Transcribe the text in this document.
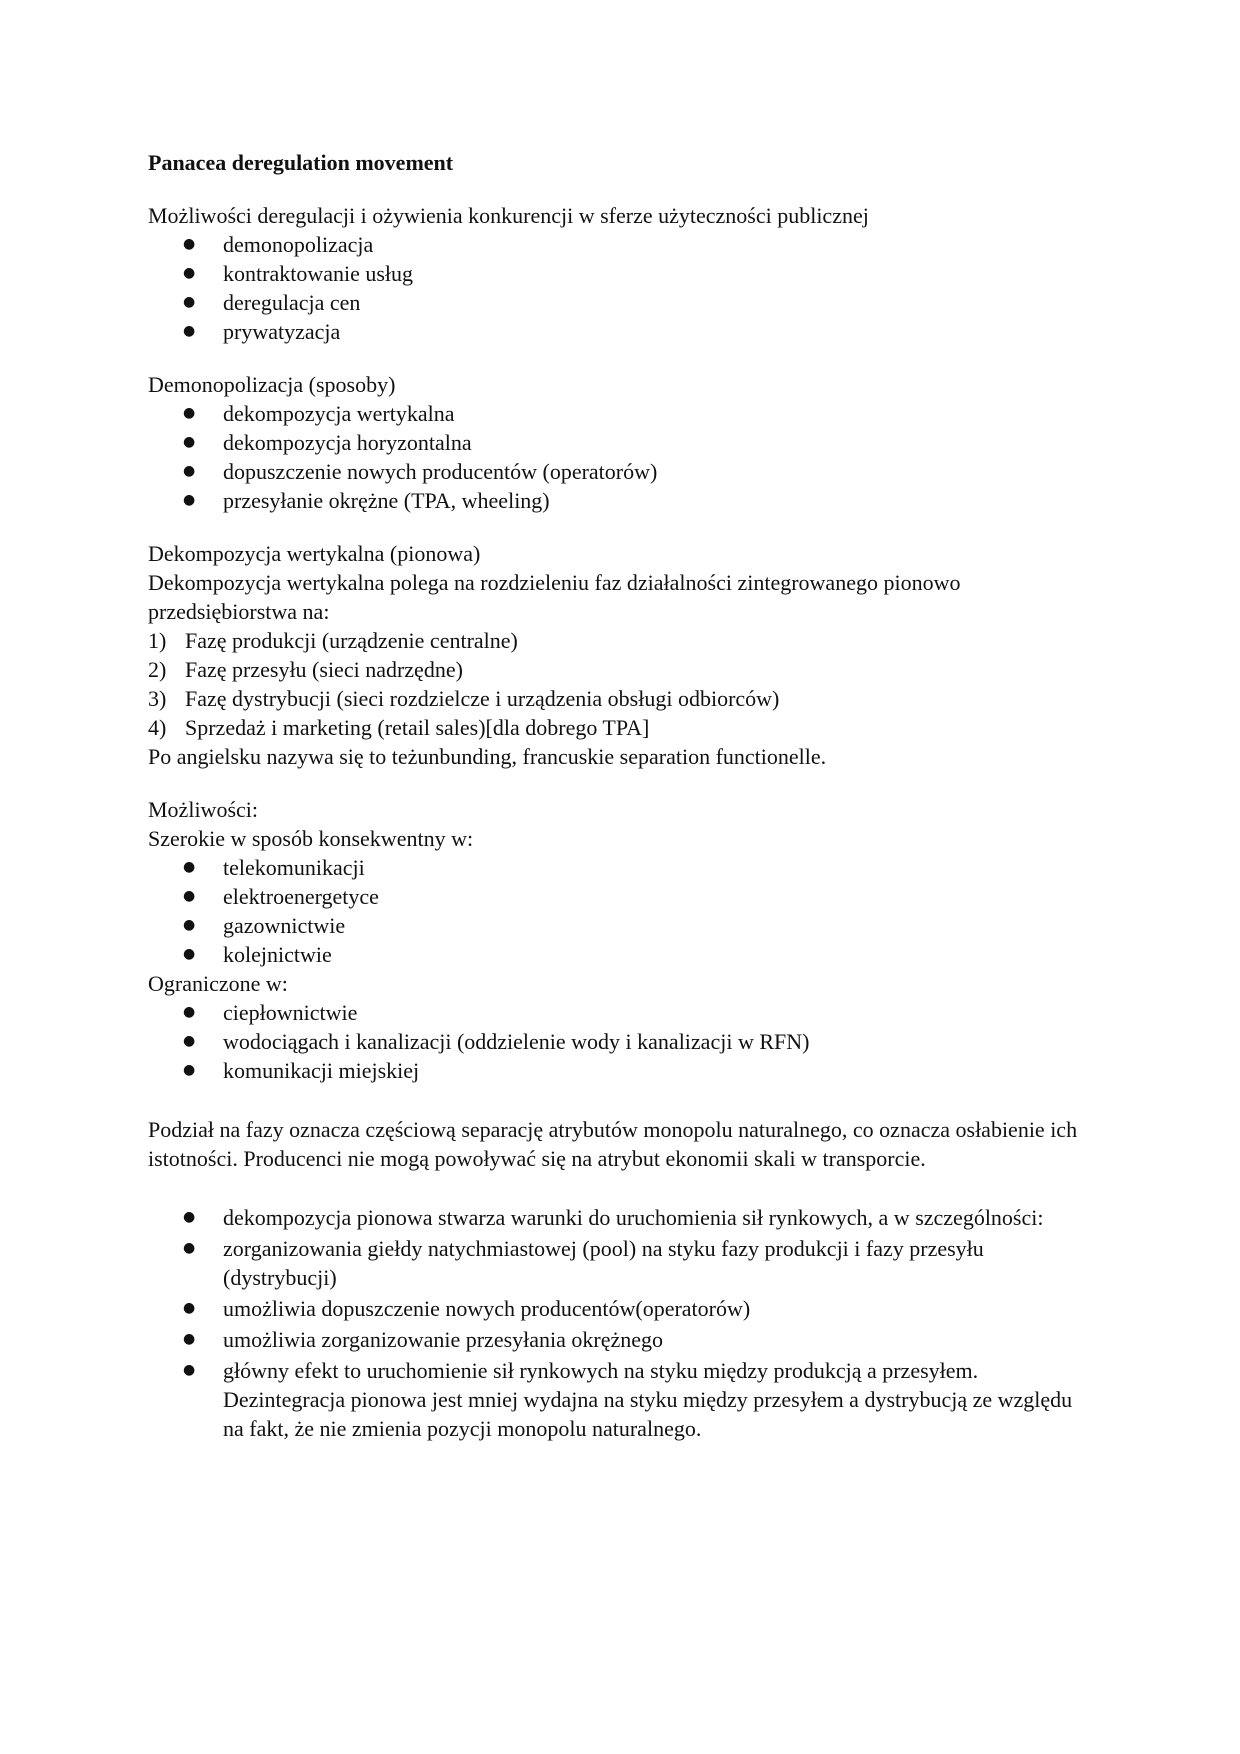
Panacea deregulation movement

Możliwości deregulacji i ożywienia konkurencji w sferze użyteczności publicznej

● demonopolizacja
● kontraktowanie usług
● deregulacja cen
● prywatyzacja

Demonopolizacja (sposoby)

● dekompozycja wertykalna
● dekompozycja horyzontalna
● dopuszczenie nowych producentów (operatorów)
● przesyłanie okrężne (TPA, wheeling)

Dekompozycja wertykalna (pionowa)

Dekompozycja wertykalna polega na rozdzieleniu faz działalności zintegrowanego pionowo przedsiębiorstwa na:

1) Fazę produkcji (urządzenie centralne)
2) Fazę przesyłu (sieci nadrzędne)
3) Fazę dystrybucji (sieci rozdzielcze i urządzenia obsługi odbiorców)
4) Sprzedaż i marketing (retail sales)[dla dobrego TPA]

Po angielsku nazywa się to teżunbunding, francuskie separation functionelle.

Możliwości:

Szerokie w sposób konsekwentny w:

● telekomunikacji
● elektroenergetyce
● gazownictwie
● kolejnictwie

Ograniczone w:

● ciepłownictwie
● wodociągach i kanalizacji (oddzielenie wody i kanalizacji w RFN)
● komunikacji miejskiej

Podział na fazy oznacza częściową separację atrybutów monopolu naturalnego, co oznacza osłabienie ich istotności. Producenci nie mogą powoływać się na atrybut ekonomii skali w transporcie.

● dekompozycja pionowa stwarza warunki do uruchomienia sił rynkowych, a w szczególności:
● zorganizowania giełdy natychmiastowej (pool) na styku fazy produkcji i fazy przesyłu (dystrybucji)
● umożliwia dopuszczenie nowych producentów(operatorów)
● umożliwia zorganizowanie przesyłania okrężnego
● główny efekt to uruchomienie sił rynkowych na styku między produkcją a przesyłem. Dezintegracja pionowa jest mniej wydajna na styku między przesyłem a dystrybucją ze względu na fakt, że nie zmienia pozycji monopolu naturalnego.
